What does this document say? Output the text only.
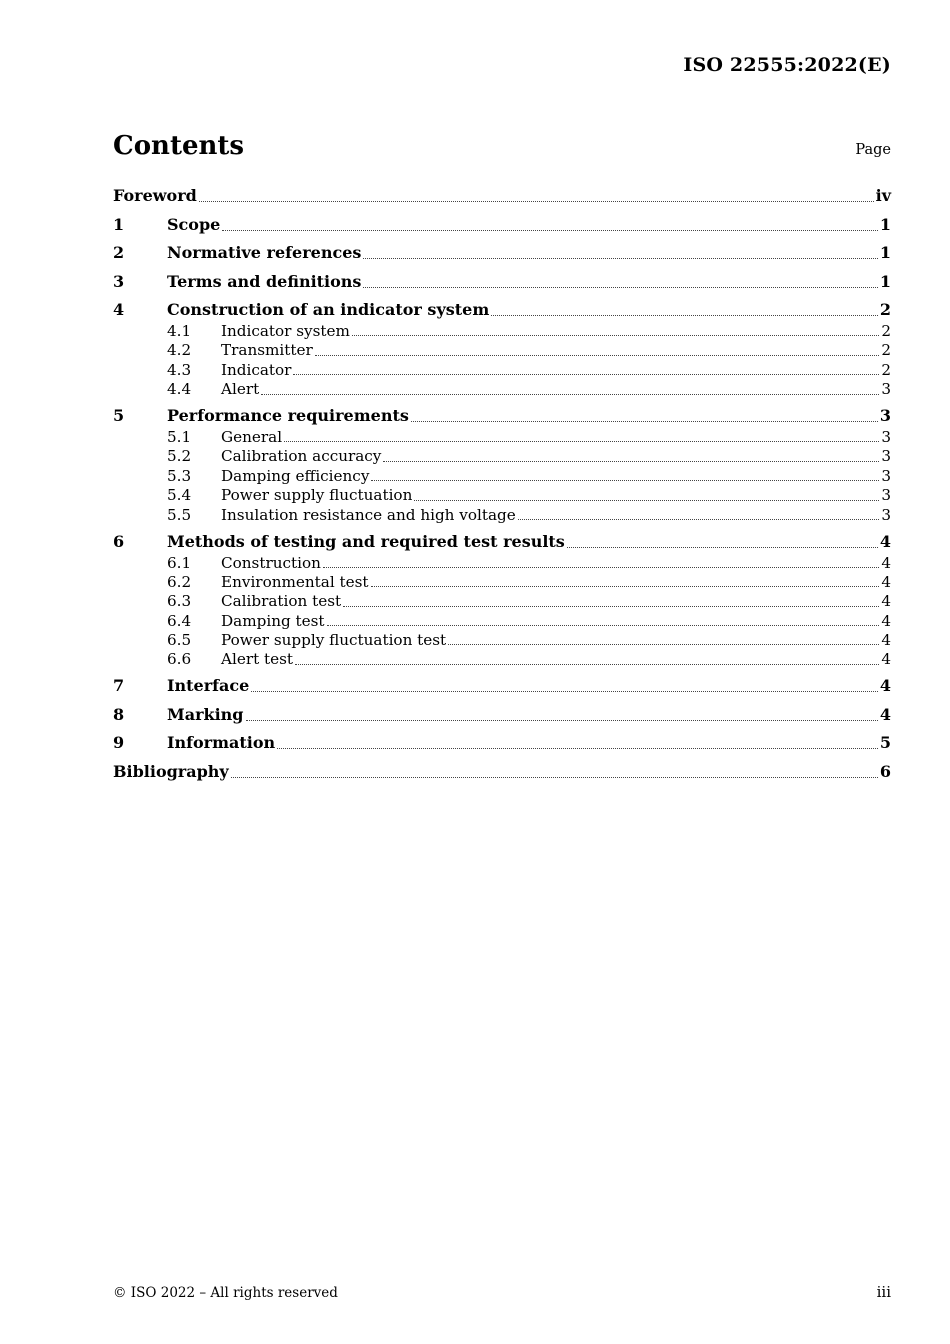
ISO 22555:2022(E)
Contents	Page
Foreword	iv
1	Scope	1
2	Normative references	1
3	Terms and definitions	1
4	Construction of an indicator system	2
4.1	Indicator system	2
4.2	Transmitter	2
4.3	Indicator	2
4.4	Alert	3
5	Performance requirements	3
5.1	General	3
5.2	Calibration accuracy	3
5.3	Damping efficiency	3
5.4	Power supply fluctuation	3
5.5	Insulation resistance and high voltage	3
6	Methods of testing and required test results	4
6.1	Construction	4
6.2	Environmental test	4
6.3	Calibration test	4
6.4	Damping test	4
6.5	Power supply fluctuation test	4
6.6	Alert test	4
7	Interface	4
8	Marking	4
9	Information	5
Bibliography	6
© ISO 2022 – All rights reserved	iii
